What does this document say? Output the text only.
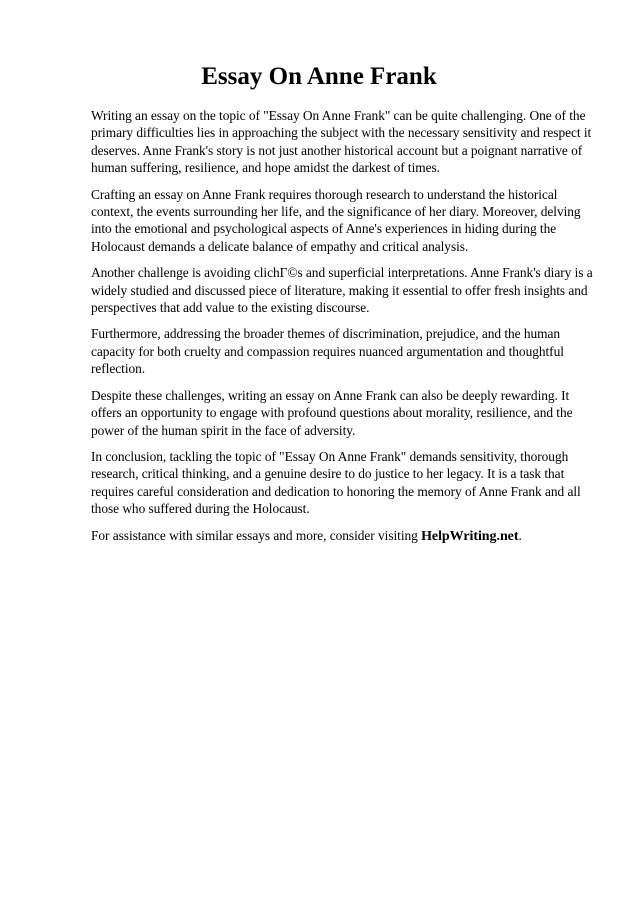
Essay On Anne Frank

Writing an essay on the topic of "Essay On Anne Frank" can be quite challenging. One of the primary difficulties lies in approaching the subject with the necessary sensitivity and respect it deserves. Anne Frank's story is not just another historical account but a poignant narrative of human suffering, resilience, and hope amidst the darkest of times.

Crafting an essay on Anne Frank requires thorough research to understand the historical context, the events surrounding her life, and the significance of her diary. Moreover, delving into the emotional and psychological aspects of Anne's experiences in hiding during the Holocaust demands a delicate balance of empathy and critical analysis.

Another challenge is avoiding clichГ©s and superficial interpretations. Anne Frank's diary is a widely studied and discussed piece of literature, making it essential to offer fresh insights and perspectives that add value to the existing discourse.

Furthermore, addressing the broader themes of discrimination, prejudice, and the human capacity for both cruelty and compassion requires nuanced argumentation and thoughtful reflection.

Despite these challenges, writing an essay on Anne Frank can also be deeply rewarding. It offers an opportunity to engage with profound questions about morality, resilience, and the power of the human spirit in the face of adversity.

In conclusion, tackling the topic of "Essay On Anne Frank" demands sensitivity, thorough research, critical thinking, and a genuine desire to do justice to her legacy. It is a task that requires careful consideration and dedication to honoring the memory of Anne Frank and all those who suffered during the Holocaust.

For assistance with similar essays and more, consider visiting HelpWriting.net.
